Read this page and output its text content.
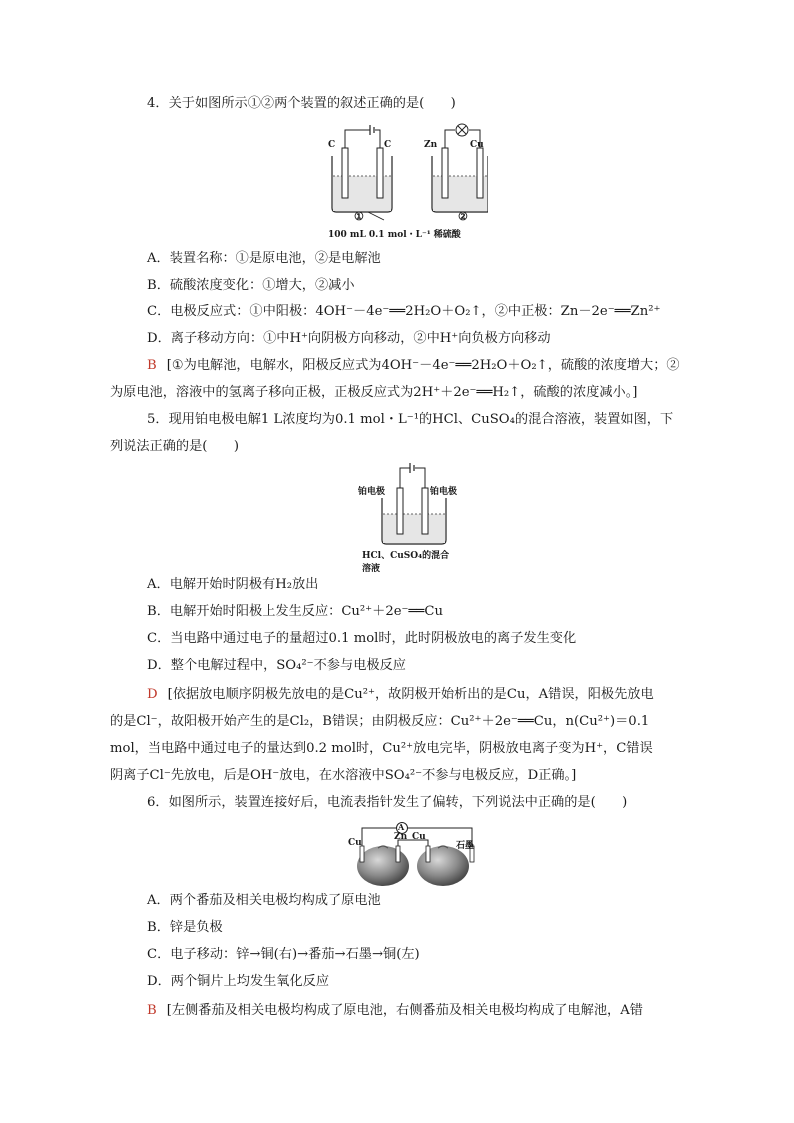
4．关于如图所示①②两个装置的叙述正确的是(　　)
C	C	Zn	Cu
①	②
100 mL 0.1 mol・L⁻¹ 稀硫酸
A．装置名称：①是原电池，②是电解池
B．硫酸浓度变化：①增大，②减小
C．电极反应式：①中阳极：4OH⁻－4e⁻══2H₂O＋O₂↑，②中正极：Zn－2e⁻══Zn²⁺
D．离子移动方向：①中H⁺向阴极方向移动，②中H⁺向负极方向移动
B [①为电解池，电解水，阳极反应式为4OH⁻－4e⁻══2H₂O＋O₂↑，硫酸的浓度增大；②
为原电池，溶液中的氢离子移向正极，正极反应式为2H⁺＋2e⁻══H₂↑，硫酸的浓度减小。]
5．现用铂电极电解1 L浓度均为0.1 mol・L⁻¹的HCl、CuSO₄的混合溶液，装置如图，下
列说法正确的是(　　)
铂电极	铂电极
HCl、CuSO₄的混合溶液
A．电解开始时阴极有H₂放出
B．电解开始时阳极上发生反应：Cu²⁺＋2e⁻══Cu
C．当电路中通过电子的量超过0.1 mol时，此时阴极放电的离子发生变化
D．整个电解过程中，SO₄²⁻不参与电极反应
D [依据放电顺序阴极先放电的是Cu²⁺，故阴极开始析出的是Cu，A错误，阳极先放电
的是Cl⁻，故阳极开始产生的是Cl₂，B错误；由阴极反应：Cu²⁺＋2e⁻══Cu，n(Cu²⁺)＝0.1
mol，当电路中通过电子的量达到0.2 mol时，Cu²⁺放电完毕，阴极放电离子变为H⁺，C错误
阴离子Cl⁻先放电，后是OH⁻放电，在水溶液中SO₄²⁻不参与电极反应，D正确。]
6．如图所示，装置连接好后，电流表指针发生了偏转，下列说法中正确的是(　　)
A
Cu
Zn Cu
石墨
A．两个番茄及相关电极均构成了原电池
B．锌是负极
C．电子移动：锌→铜(右)→番茄→石墨→铜(左)
D．两个铜片上均发生氧化反应
B [左侧番茄及相关电极均构成了原电池，右侧番茄及相关电极均构成了电解池，A错
